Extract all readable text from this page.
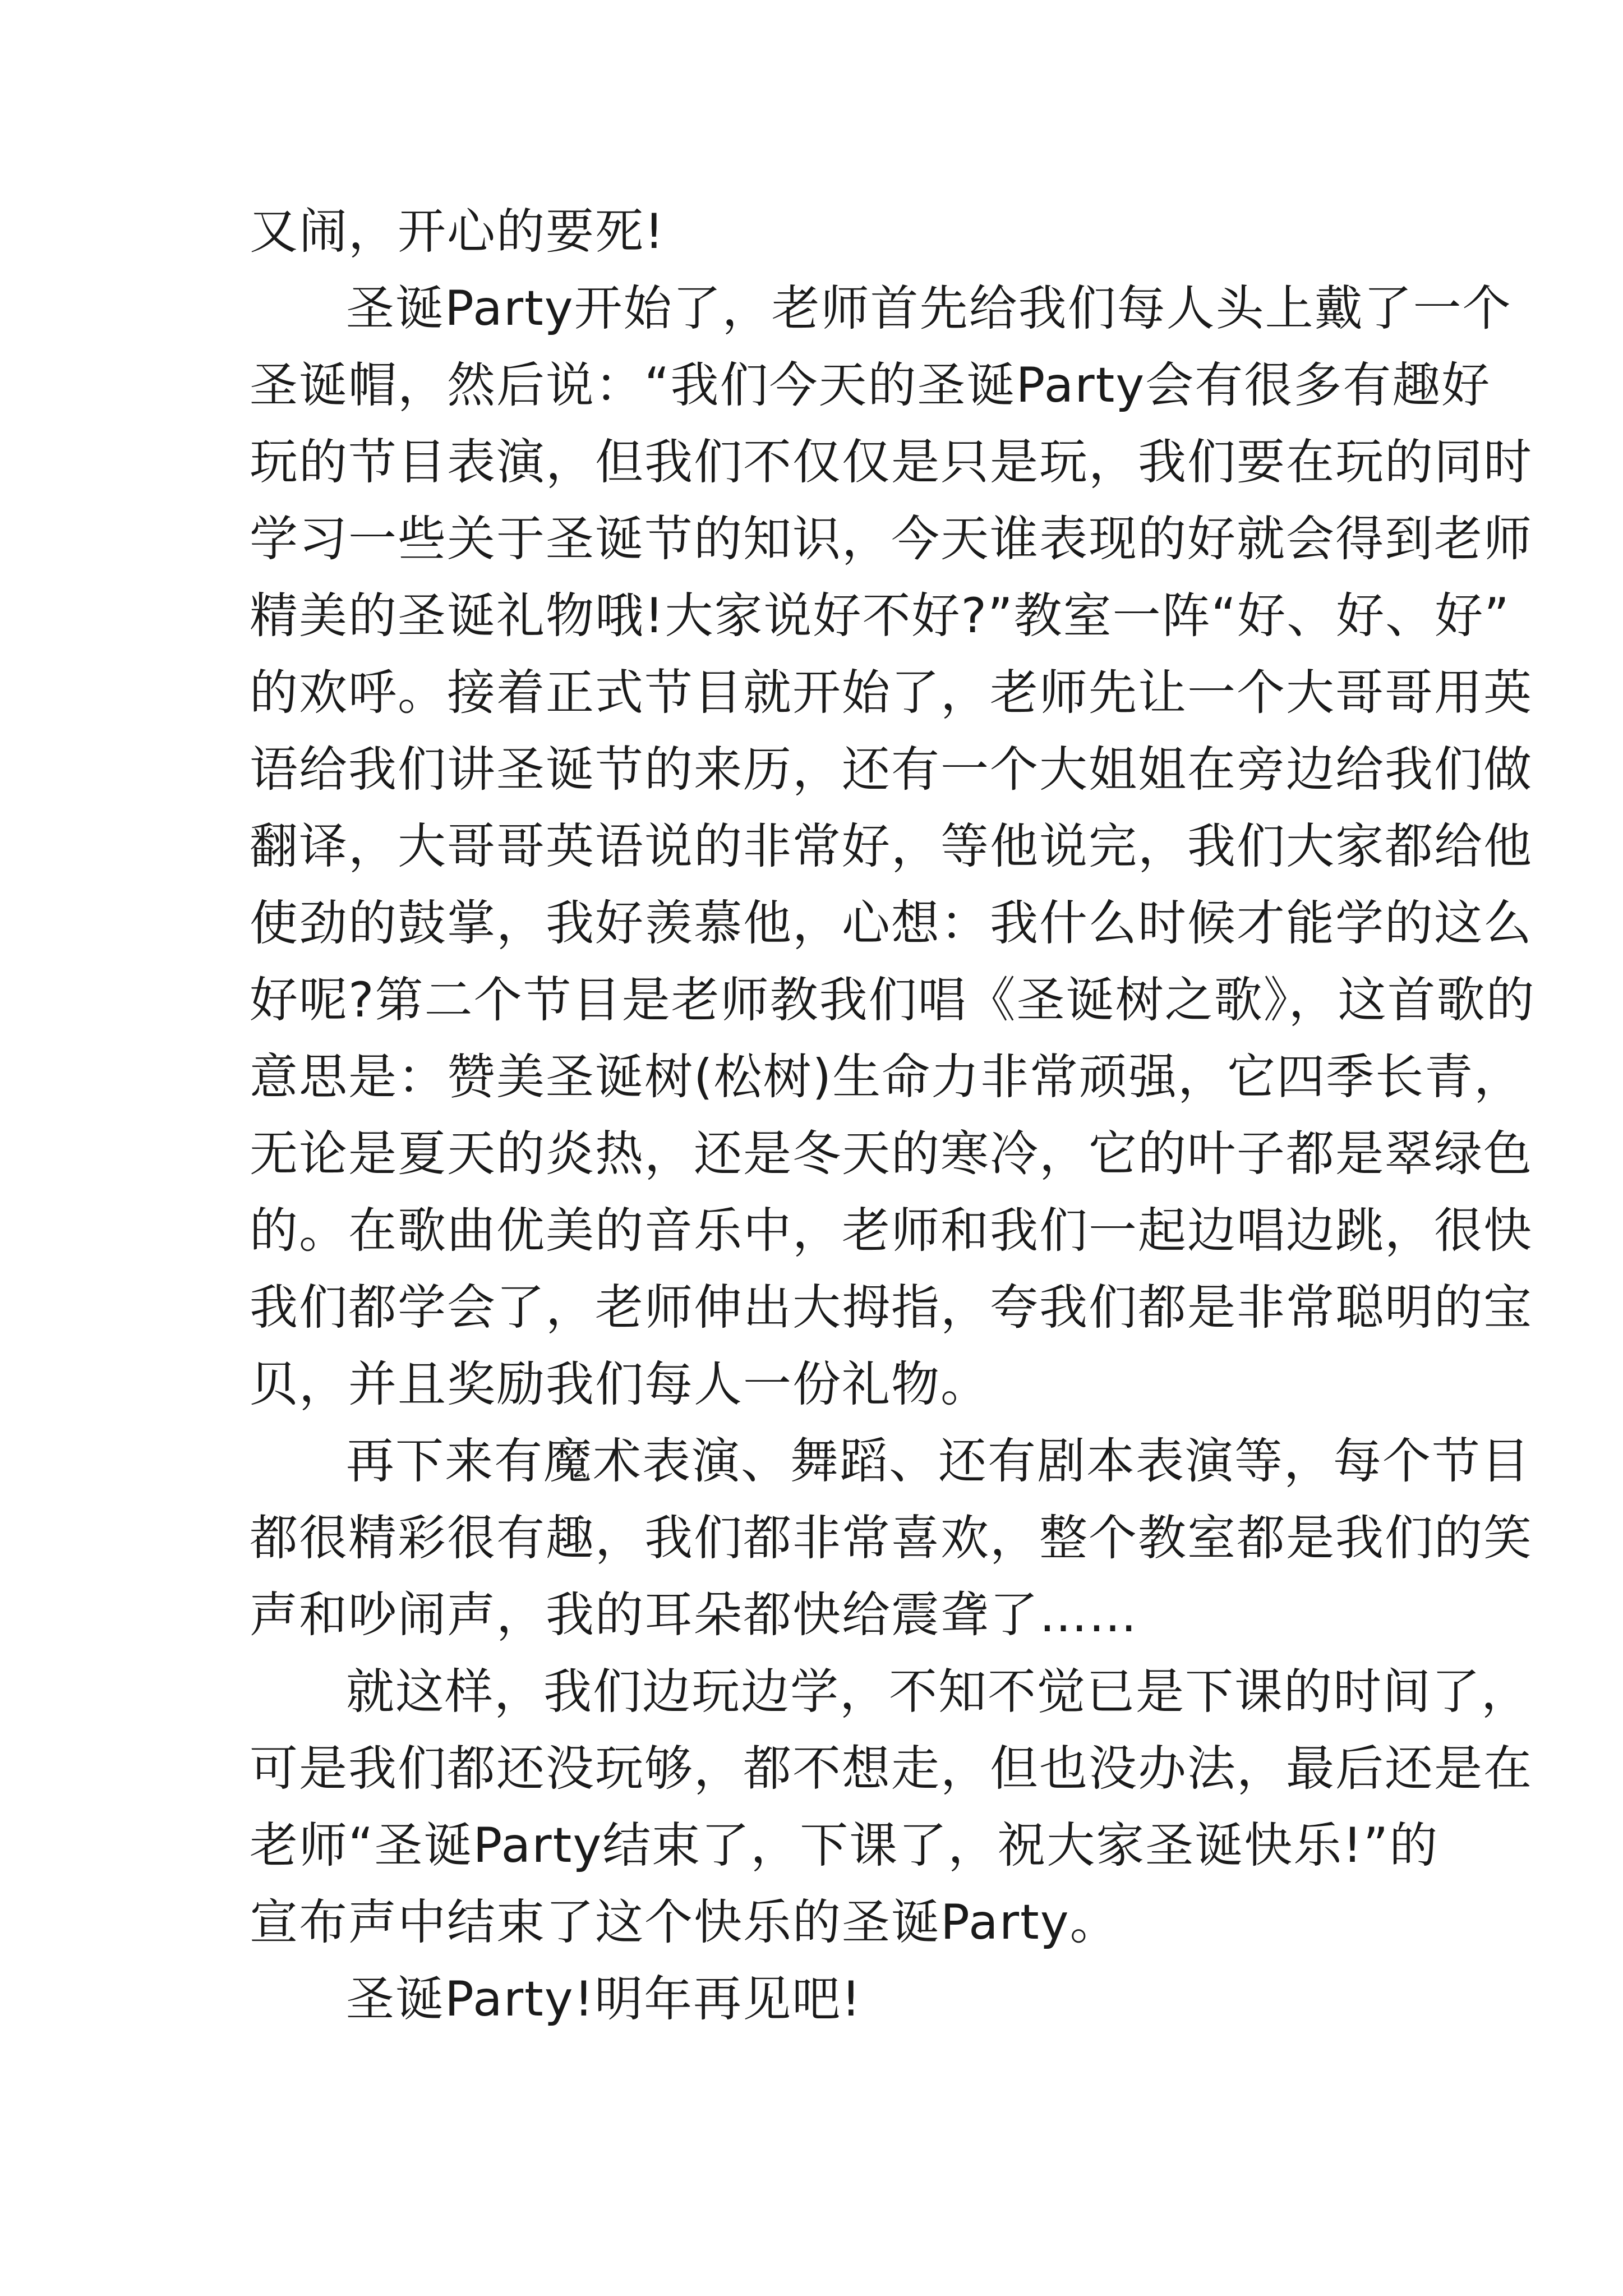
又闹，开心的要死!
圣诞Party开始了，老师首先给我们每人头上戴了一个
圣诞帽，然后说：“我们今天的圣诞Party会有很多有趣好
玩的节目表演，但我们不仅仅是只是玩，我们要在玩的同时
学习一些关于圣诞节的知识，今天谁表现的好就会得到老师
精美的圣诞礼物哦!大家说好不好?”教室一阵“好、好、好”
的欢呼。接着正式节目就开始了，老师先让一个大哥哥用英
语给我们讲圣诞节的来历，还有一个大姐姐在旁边给我们做
翻译，大哥哥英语说的非常好，等他说完，我们大家都给他
使劲的鼓掌，我好羡慕他，心想：我什么时候才能学的这么
好呢?第二个节目是老师教我们唱《圣诞树之歌》，这首歌的
意思是：赞美圣诞树(松树)生命力非常顽强，它四季长青，
无论是夏天的炎热，还是冬天的寒冷，它的叶子都是翠绿色
的。在歌曲优美的音乐中，老师和我们一起边唱边跳，很快
我们都学会了，老师伸出大拇指，夸我们都是非常聪明的宝
贝，并且奖励我们每人一份礼物。
再下来有魔术表演、舞蹈、还有剧本表演等，每个节目
都很精彩很有趣，我们都非常喜欢，整个教室都是我们的笑
声和吵闹声，我的耳朵都快给震聋了……
就这样，我们边玩边学，不知不觉已是下课的时间了，
可是我们都还没玩够，都不想走，但也没办法，最后还是在
老师“圣诞Party结束了，下课了，祝大家圣诞快乐!”的
宣布声中结束了这个快乐的圣诞Party。
圣诞Party!明年再见吧!
